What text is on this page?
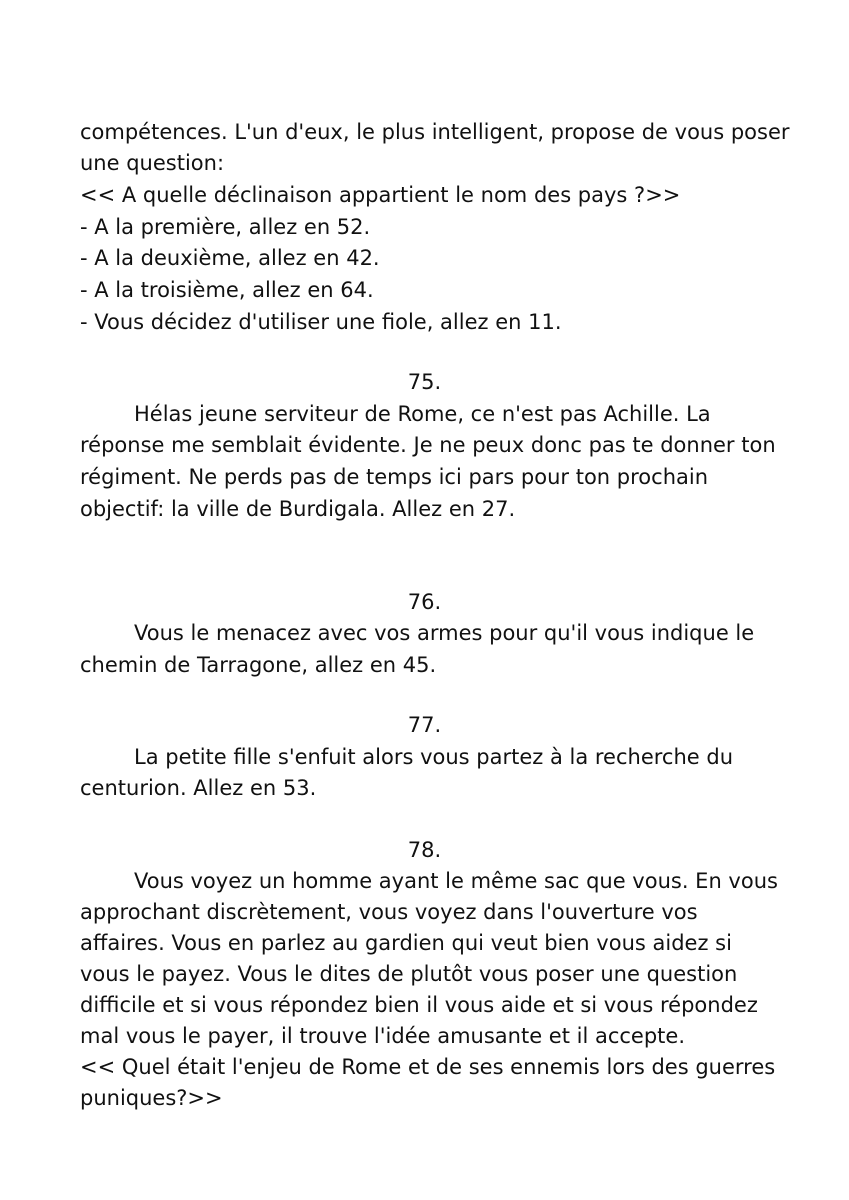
compétences. L'un d'eux, le plus intelligent, propose de vous poser
une question:
<< A quelle déclinaison appartient le nom des pays ?>>
- A la première, allez en 52.
- A la deuxième, allez en 42.
- A la troisième, allez en 64.
- Vous décidez d'utiliser une fiole, allez en 11.
75.
Hélas jeune serviteur de Rome, ce n'est pas Achille. La
réponse me semblait évidente. Je ne peux donc pas te donner ton
régiment. Ne perds pas de temps ici pars pour ton prochain
objectif: la ville de Burdigala. Allez en 27.
76.
Vous le menacez avec vos armes pour qu'il vous indique le
chemin de Tarragone, allez en 45.
77.
La petite fille s'enfuit alors vous partez à la recherche du
centurion. Allez en 53.
78.
Vous voyez un homme ayant le même sac que vous. En vous
approchant discrètement, vous voyez dans l'ouverture vos
affaires. Vous en parlez au gardien qui veut bien vous aidez si
vous le payez. Vous le dites de plutôt vous poser une question
difficile et si vous répondez bien il vous aide et si vous répondez
mal vous le payer, il trouve l'idée amusante et il accepte.
<< Quel était l'enjeu de Rome et de ses ennemis lors des guerres
puniques?>>
